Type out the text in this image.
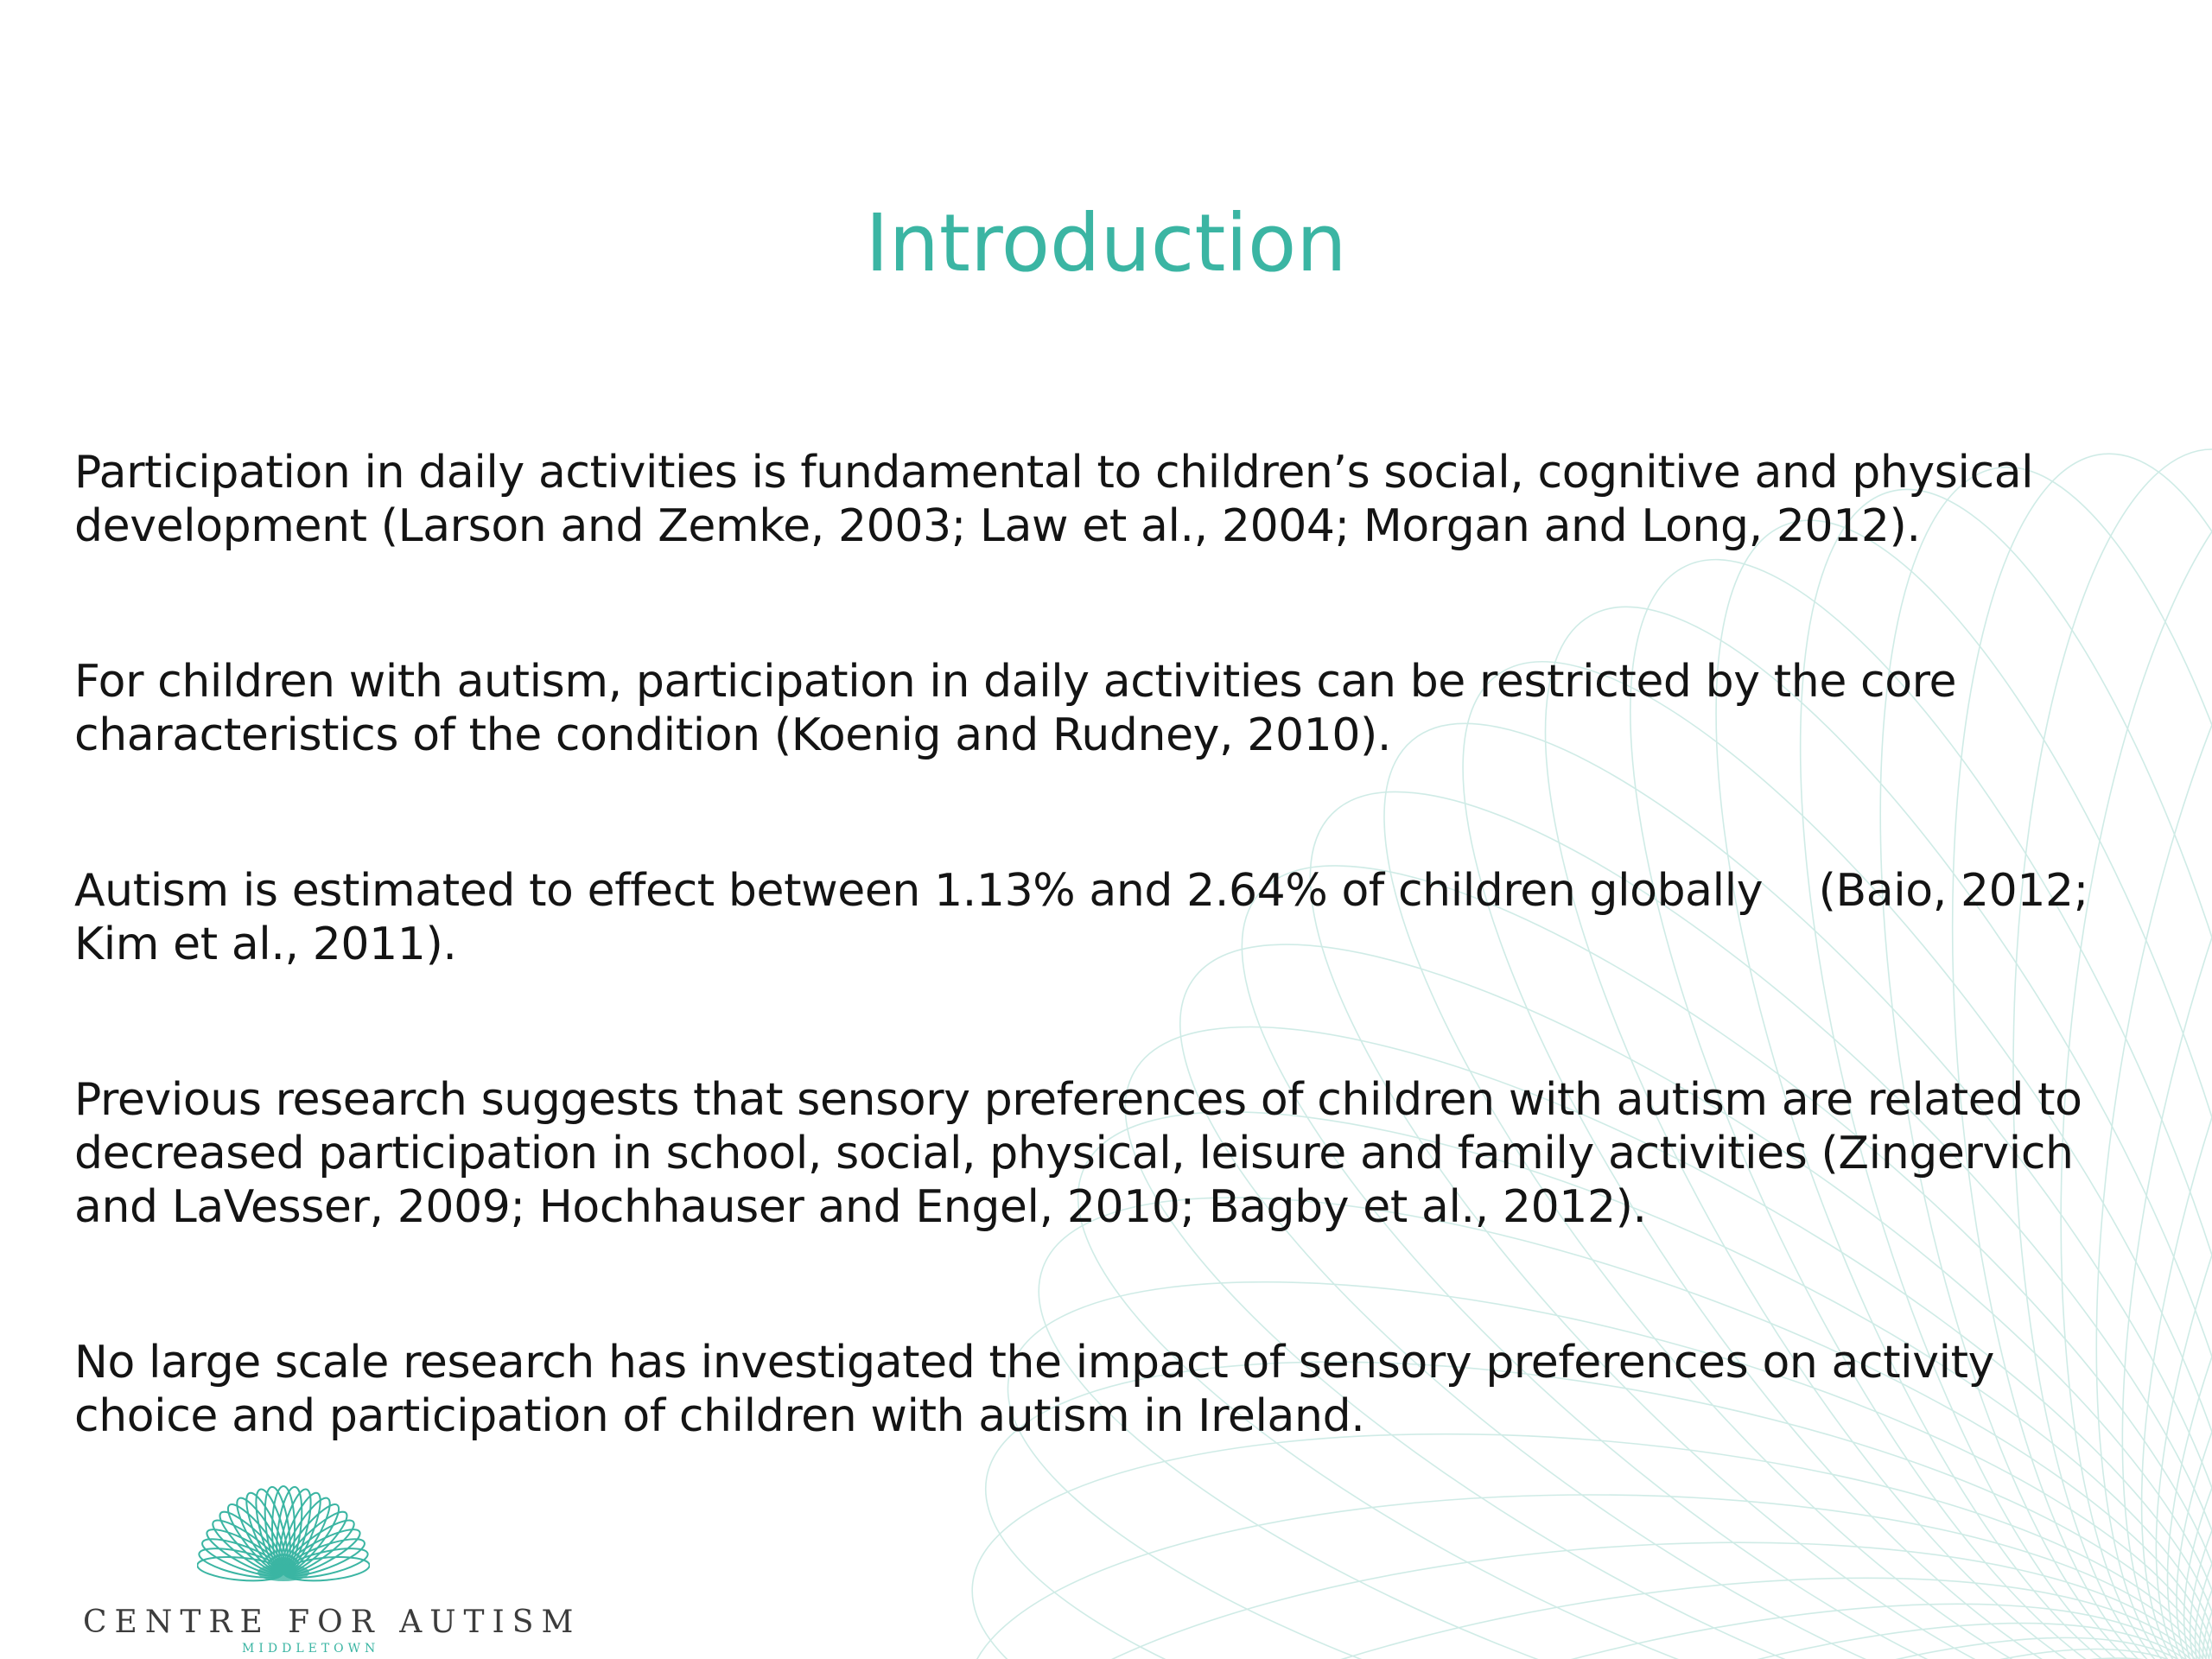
Introduction

Participation in daily activities is fundamental to children’s social, cognitive and physical
development (Larson and Zemke, 2003; Law et al., 2004; Morgan and Long, 2012).

For children with autism, participation in daily activities can be restricted by the core
characteristics of the condition (Koenig and Rudney, 2010).

Autism is estimated to effect between 1.13% and 2.64% of children globally    (Baio, 2012;
Kim et al., 2011).

Previous research suggests that sensory preferences of children with autism are related to
decreased participation in school, social, physical, leisure and family activities (Zingervich
and LaVesser, 2009; Hochhauser and Engel, 2010; Bagby et al., 2012).

No large scale research has investigated the impact of sensory preferences on activity
choice and participation of children with autism in Ireland.

CENTRE FOR AUTISM
MIDDLETOWN
